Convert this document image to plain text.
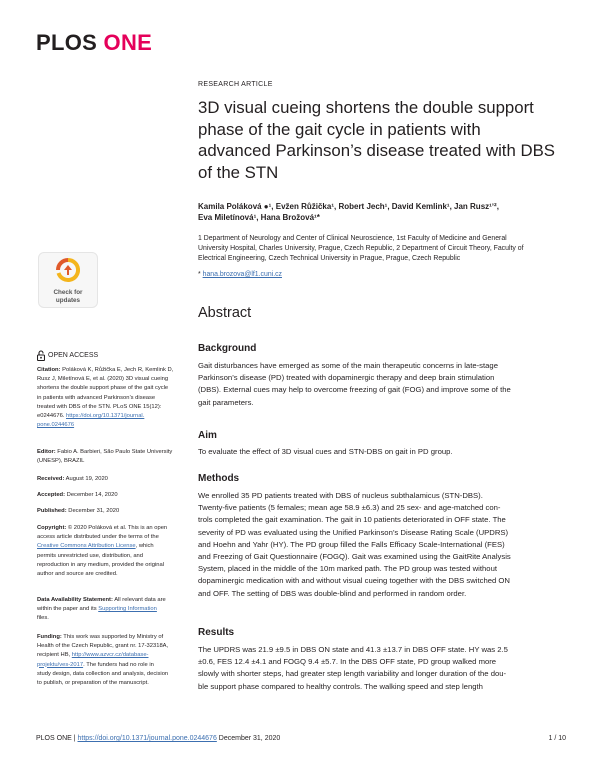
PLOS ONE
RESEARCH ARTICLE
3D visual cueing shortens the double support phase of the gait cycle in patients with advanced Parkinson’s disease treated with DBS of the STN
Kamila Poláková ●¹, Evžen Růžička¹, Robert Jech¹, David Kemlink¹, Jan Rusz¹ʼ²,
Eva Miletínová¹, Hana Brožová¹*
1 Department of Neurology and Center of Clinical Neuroscience, 1st Faculty of Medicine and General
University Hospital, Charles University, Prague, Czech Republic, 2 Department of Circuit Theory, Faculty of
Electrical Engineering, Czech Technical University in Prague, Prague, Czech Republic
* hana.brozova@lf1.cuni.cz
Check for
updates
OPEN ACCESS
Citation: Poláková K, Růžička E, Jech R, Kemlink D,
Rusz J, Miletínová E, et al. (2020) 3D visual cueing
shortens the double support phase of the gait cycle
in patients with advanced Parkinson’s disease
treated with DBS of the STN. PLoS ONE 15(12):
e0244676. https://doi.org/10.1371/journal.
pone.0244676
Editor: Fabio A. Barbieri, São Paulo State University
(UNESP), BRAZIL
Received: August 19, 2020
Accepted: December 14, 2020
Published: December 31, 2020
Copyright: © 2020 Poláková et al. This is an open
access article distributed under the terms of the
Creative Commons Attribution License, which
permits unrestricted use, distribution, and
reproduction in any medium, provided the original
author and source are credited.
Data Availability Statement: All relevant data are
within the paper and its Supporting Information
files.
Funding: This work was supported by Ministry of
Health of the Czech Republic, grant nr. 17-32318A,
recipient HB, http://www.azvcr.cz/database-
projektu/ves-2017. The funders had no role in
study design, data collection and analysis, decision
to publish, or preparation of the manuscript.
Abstract
Background
Gait disturbances have emerged as some of the main therapeutic concerns in late-stage
Parkinson’s disease (PD) treated with dopaminergic therapy and deep brain stimulation
(DBS). External cues may help to overcome freezing of gait (FOG) and improve some of the
gait parameters.
Aim
To evaluate the effect of 3D visual cues and STN-DBS on gait in PD group.
Methods
We enrolled 35 PD patients treated with DBS of nucleus subthalamicus (STN-DBS).
Twenty-five patients (5 females; mean age 58.9 ±6.3) and 25 sex- and age-matched con-
trols completed the gait examination. The gait in 10 patients deteriorated in OFF state. The
severity of PD was evaluated using the Unified Parkinson’s Disease Rating Scale (UPDRS)
and Hoehn and Yahr (HY). The PD group filled the Falls Efficacy Scale-International (FES)
and Freezing of Gait Questionnaire (FOGQ). Gait was examined using the GaitRite Analysis
System, placed in the middle of the 10m marked path. The PD group was tested without
dopaminergic medication with and without visual cueing together with the DBS switched ON
and OFF. The setting of DBS was double-blind and performed in random order.
Results
The UPDRS was 21.9 ±9.5 in DBS ON state and 41.3 ±13.7 in DBS OFF state. HY was 2.5
±0.6, FES 12.4 ±4.1 and FOGQ 9.4 ±5.7. In the DBS OFF state, PD group walked more
slowly with shorter steps, had greater step length variability and longer duration of the dou-
ble support phase compared to healthy controls. The walking speed and step length
PLOS ONE | https://doi.org/10.1371/journal.pone.0244676 December 31, 2020	1 / 10
